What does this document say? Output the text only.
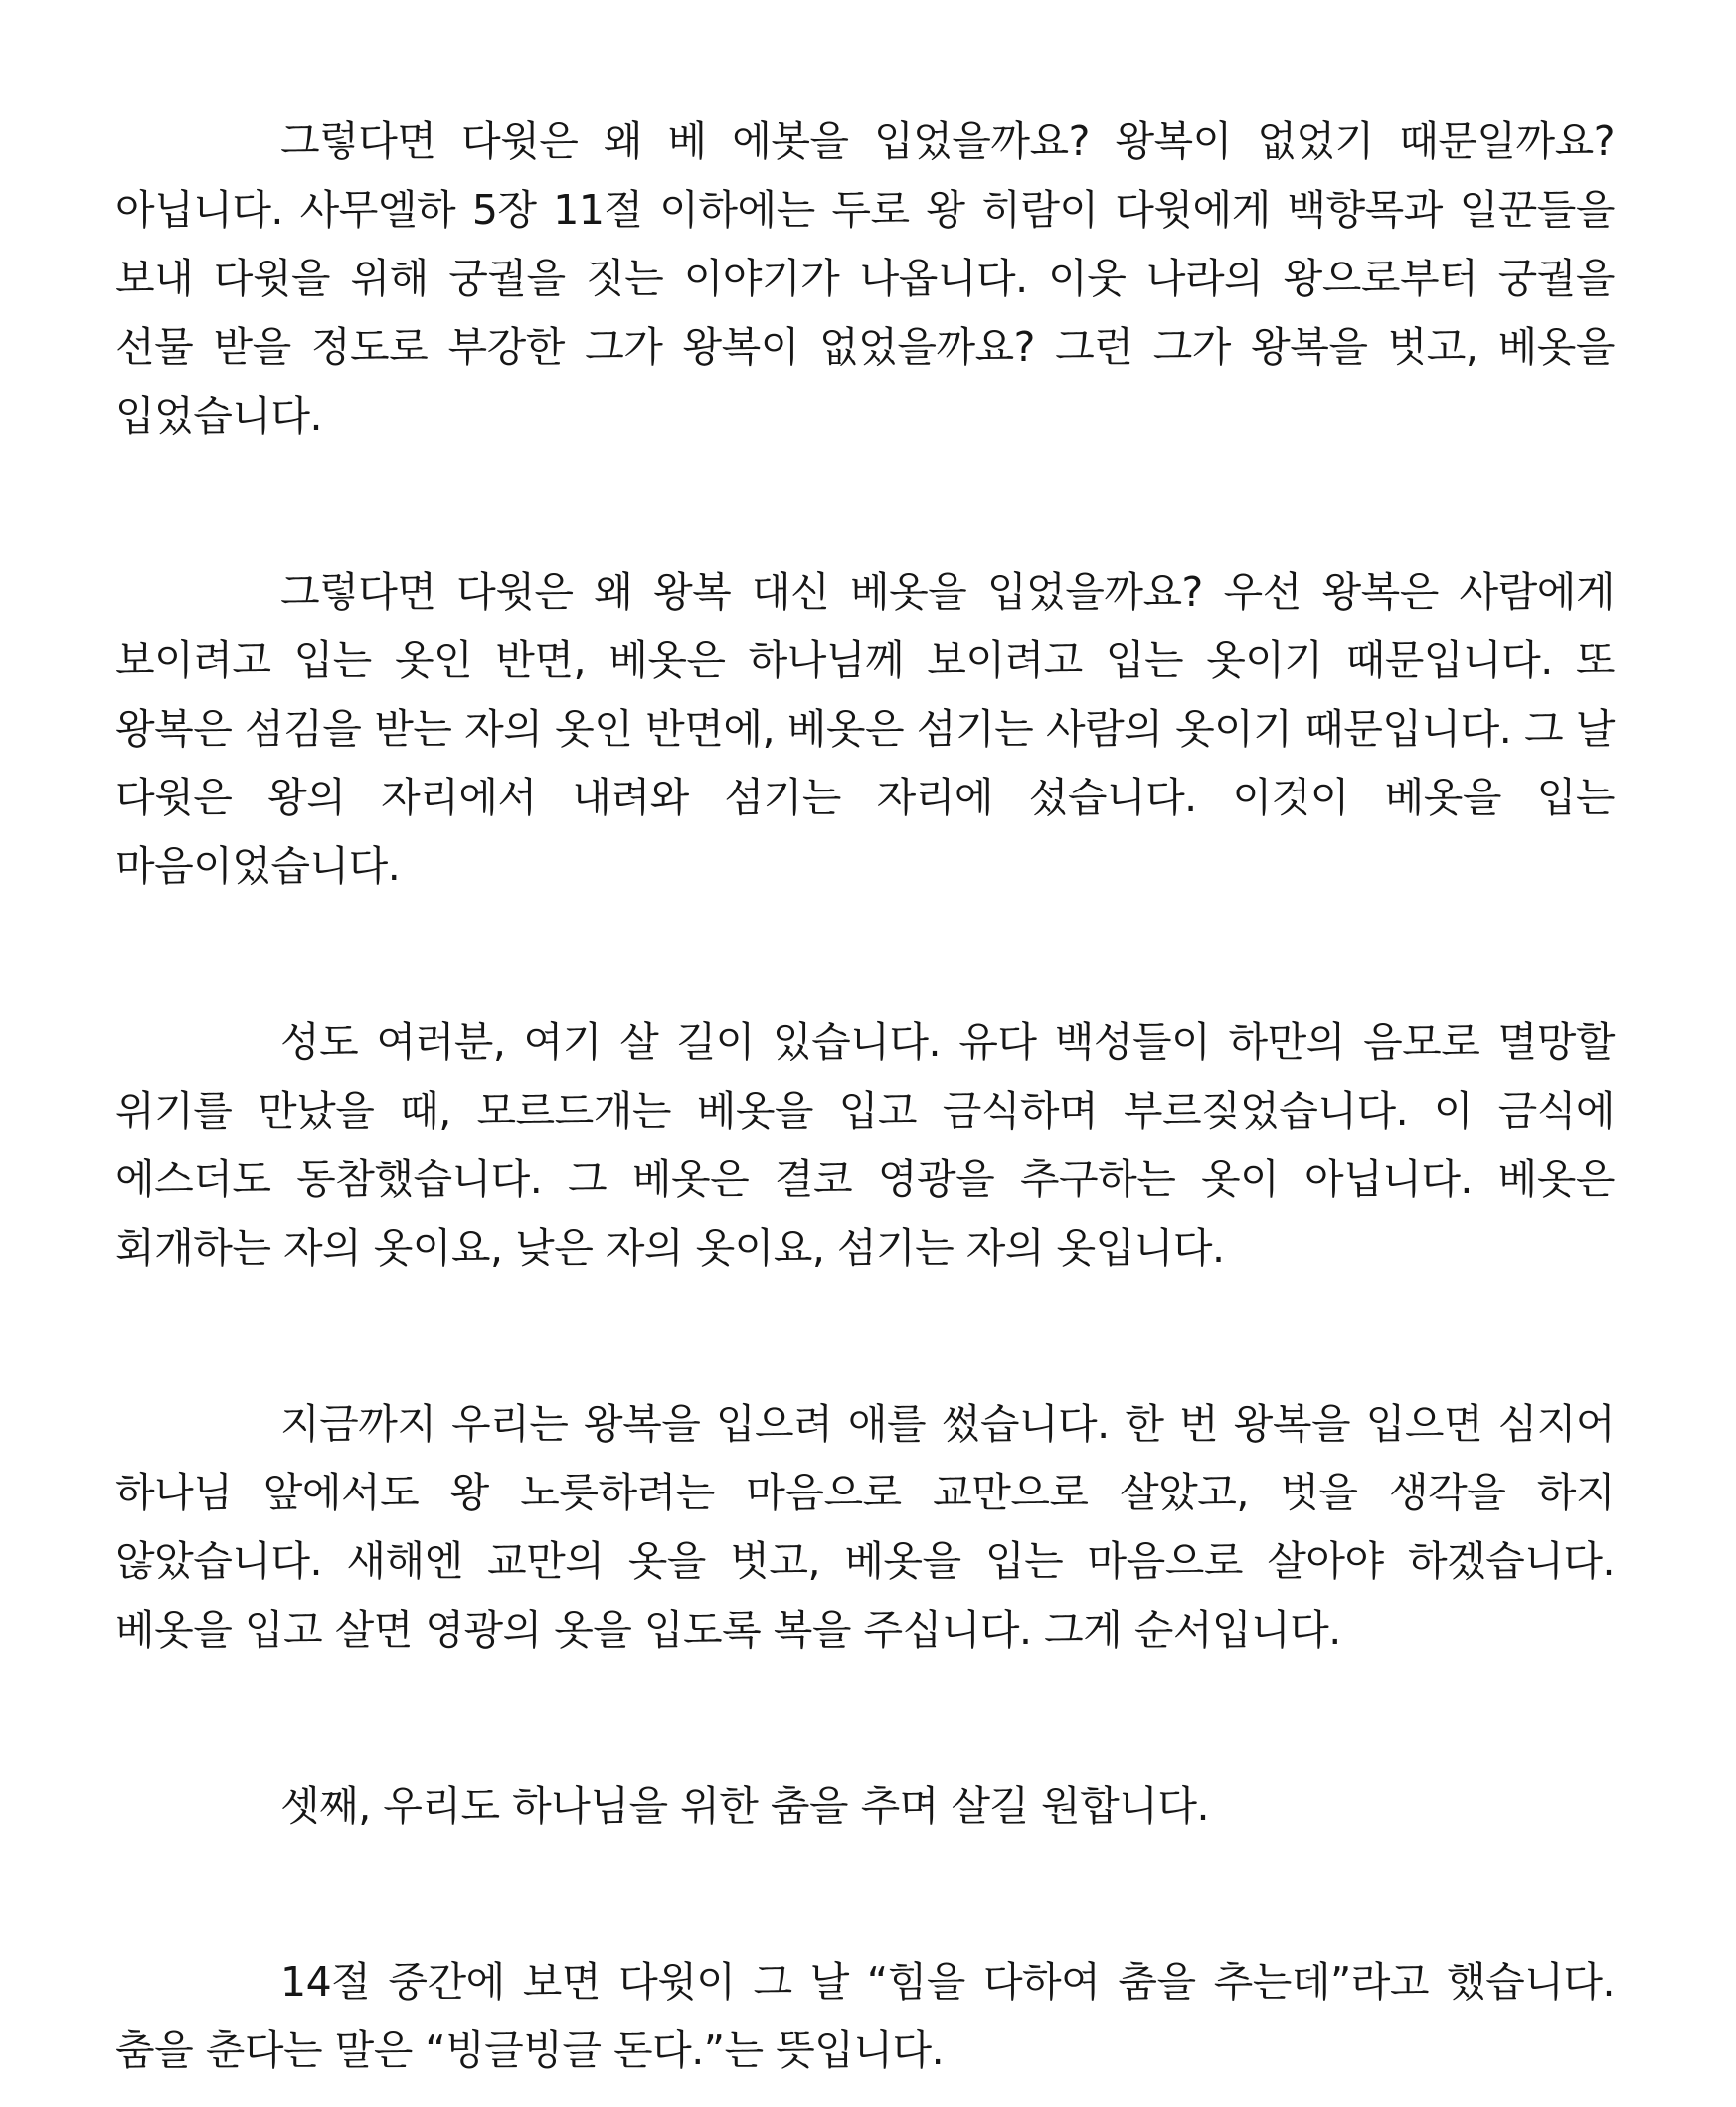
그렇다면 다윗은 왜 베 에봇을 입었을까요? 왕복이 없었기 때문일까요? 아닙니다. 사무엘하 5장 11절 이하에는 두로 왕 히람이 다윗에게 백향목과 일꾼들을 보내 다윗을 위해 궁궐을 짓는 이야기가 나옵니다. 이웃 나라의 왕으로부터 궁궐을 선물 받을 정도로 부강한 그가 왕복이 없었을까요? 그런 그가 왕복을 벗고, 베옷을 입었습니다.

그렇다면 다윗은 왜 왕복 대신 베옷을 입었을까요? 우선 왕복은 사람에게 보이려고 입는 옷인 반면, 베옷은 하나님께 보이려고 입는 옷이기 때문입니다. 또 왕복은 섬김을 받는 자의 옷인 반면에, 베옷은 섬기는 사람의 옷이기 때문입니다. 그 날 다윗은 왕의 자리에서 내려와 섬기는 자리에 섰습니다. 이것이 베옷을 입는 마음이었습니다.

성도 여러분, 여기 살 길이 있습니다. 유다 백성들이 하만의 음모로 멸망할 위기를 만났을 때, 모르드개는 베옷을 입고 금식하며 부르짖었습니다. 이 금식에 에스더도 동참했습니다. 그 베옷은 결코 영광을 추구하는 옷이 아닙니다. 베옷은 회개하는 자의 옷이요, 낮은 자의 옷이요, 섬기는 자의 옷입니다.

지금까지 우리는 왕복을 입으려 애를 썼습니다. 한 번 왕복을 입으면 심지어 하나님 앞에서도 왕 노릇하려는 마음으로 교만으로 살았고, 벗을 생각을 하지 않았습니다. 새해엔 교만의 옷을 벗고, 베옷을 입는 마음으로 살아야 하겠습니다. 베옷을 입고 살면 영광의 옷을 입도록 복을 주십니다. 그게 순서입니다.

셋째, 우리도 하나님을 위한 춤을 추며 살길 원합니다.

14절 중간에 보면 다윗이 그 날 “힘을 다하여 춤을 추는데”라고 했습니다. 춤을 춘다는 말은 “빙글빙글 돈다.”는 뜻입니다.
